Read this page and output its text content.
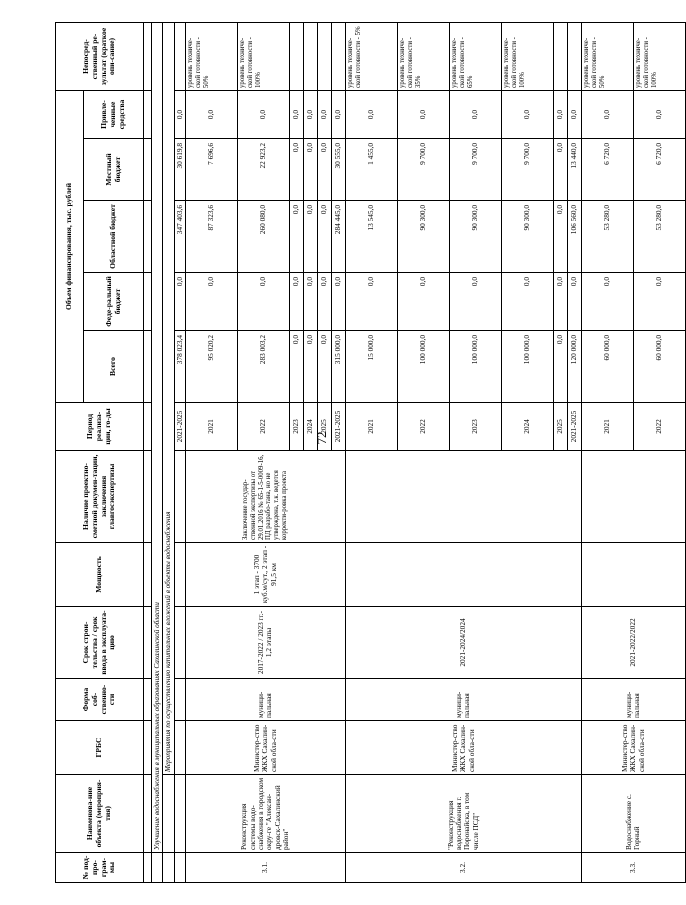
72
№ под-про-грам-мы	Наименова-ние объекта (мероприя-тия)	ГРБС	Форма соб-ственно-сти	Срок строи-тельства / срок ввода в эксплуата-цию	Мощность	Наличие проектно-сметной докумен-тации, заключения главгосэкспертизы	Период реализа-ции, го-ды	Объем финансирования, тыс. рублей					Непосред-ственный ре-зультат (краткое опи-сание)
								Всего	Феде-ральный бюджет	Областной бюджет	Местный бюджет	Привле-ченные средства	

	Улучшение водоснабжения в муниципальных образованиях Сахалинской области												
		Мероприятия по осуществлению капитальных вложений в объекты водоснабжения											
							2021-2025	378 023,4	0,0	347 403,6	30 619,8	0,0	
3.1.	Реконструкция системы водо-снабжения в городском окру-ге "Алексан-дровск-Сахалинский район"	Министер-ство ЖКХ Сахалин-ской обла-сти	муници-пальная	2017-2022 / 2023 гг.- 1,2 этапы	1 этап - 3700 куб.м/сут., 2 этап - 91,5 км	Заключение государ-ственной экспертизы от 29.01.2016 № 65-1-5-0009-16, ПД разрабо-тана, но не утверждена, т.к. ведется корректи-ровка проекта	2021	95 020,2	0,0	87 323,6	7 696,6	0,0	уровень техниче-ской готовности - 50%
							2022	283 003,2	0,0	260 080,0	22 923,2	0,0	уровень техниче-ской готовности - 100%
							2023	0,0	0,0	0,0	0,0	0,0	
							2024	0,0	0,0	0,0	0,0	0,0	
							2025	0,0	0,0	0,0	0,0	0,0	
							2021-2025	315 000,0	0,0	284 445,0	30 555,0	0,0	
3.2.	"Реконструкция водоснабжения г. Поронайска, в том числе ПСД"	Министер-ство ЖКХ Сахалин-ской обла-сти	муници-пальная	2021-2024/2024			2021	15 000,0	0,0	13 545,0	1 455,0	0,0	уровень техниче-ской готовности - 5%
							2022	100 000,0	0,0	90 300,0	9 700,0	0,0	уровень техниче-ской готовности - 35%
							2023	100 000,0	0,0	90 300,0	9 700,0	0,0	уровень техниче-ской готовности - 65%
							2024	100 000,0	0,0	90 300,0	9 700,0	0,0	уровень техниче-ской готовности - 100%
							2025	0,0	0,0	0,0	0,0	0,0	
							2021-2025	120 000,0	0,0	106 560,0	13 440,0	0,0	
3.3.	Водоснабжение с. Горный	Министер-ство ЖКХ Сахалин-ской обла-сти	муници-пальная	2021-2022/2022			2021	60 000,0	0,0	53 280,0	6 720,0	0,0	уровень техниче-ской готовности - 50%
							2022	60 000,0	0,0	53 280,0	6 720,0	0,0	уровень техниче-ской готовности - 100%
